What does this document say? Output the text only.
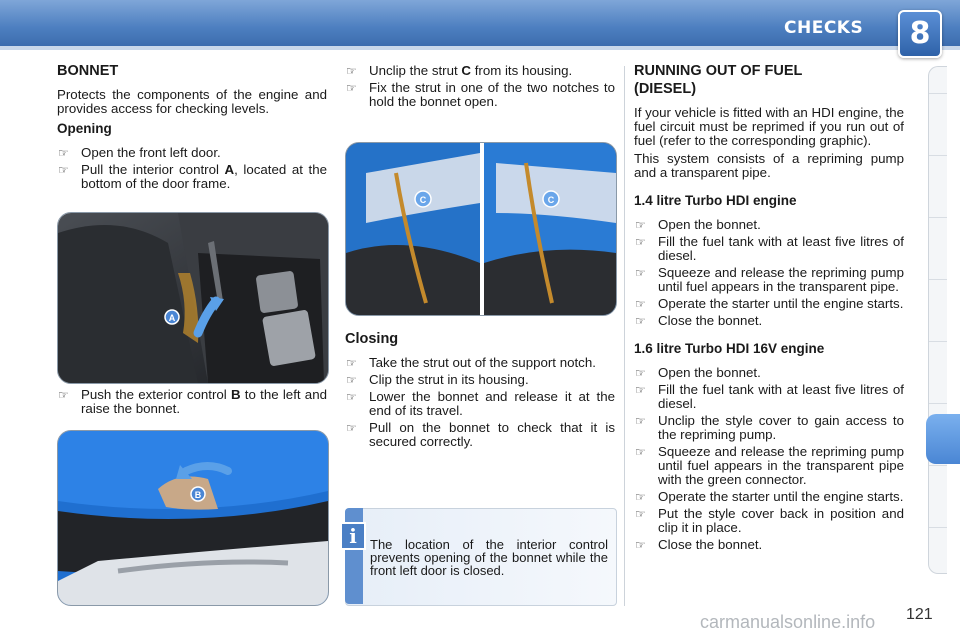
CHECKS	8
BONNET

Protects the components of the engine and provides access for checking levels.

Opening
☞ Open the front left door.
☞ Pull the interior control A, located at the bottom of the door frame.
A
☞ Push the exterior control B to the left and raise the bonnet.
B
☞ Unclip the strut C from its housing.
☞ Fix the strut in one of the two notches to hold the bonnet open.
C	C
Closing
☞ Take the strut out of the support notch.
☞ Clip the strut in its housing.
☞ Lower the bonnet and release it at the end of its travel.
☞ Pull on the bonnet to check that it is secured correctly.
i	The location of the interior control prevents opening of the bonnet while the front left door is closed.
RUNNING OUT OF FUEL (DIESEL)

If your vehicle is fitted with an HDI engine, the fuel circuit must be reprimed if you run out of fuel (refer to the corresponding graphic).

This system consists of a repriming pump and a transparent pipe.

1.4 litre Turbo HDI engine
☞ Open the bonnet.
☞ Fill the fuel tank with at least five litres of diesel.
☞ Squeeze and release the repriming pump until fuel appears in the transparent pipe.
☞ Operate the starter until the engine starts.
☞ Close the bonnet.
1.6 litre Turbo HDI 16V engine
☞ Open the bonnet.
☞ Fill the fuel tank with at least five litres of diesel.
☞ Unclip the style cover to gain access to the repriming pump.
☞ Squeeze and release the repriming pump until fuel appears in the transparent pipe with the green connector.
☞ Operate the starter until the engine starts.
☞ Put the style cover back in position and clip it in place.
☞ Close the bonnet.
carmanualsonline.info 121
